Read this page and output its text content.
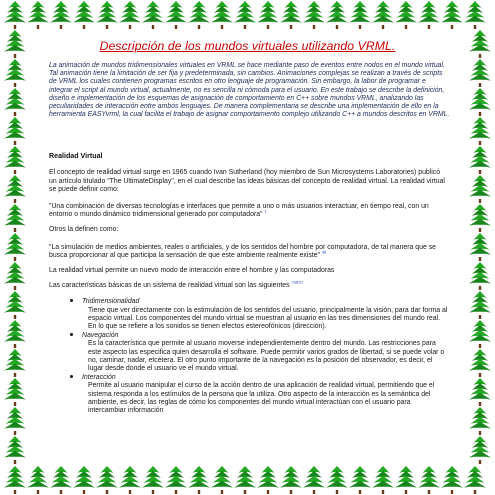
Descripción de los mundos virtuales utilizando VRML.

La animación de mundos tridimensionales virtuales en VRML se hace mediante paso de eventos entre nodos en el mundo virtual. Tal animación tiene la limitación de ser fija y predeterminada, sin cambios. Animaciones complejas se realizan a través de scripts de VRML los cuales contienen programas escritos en otro lenguaje de programación. Sin embargo, la labor de programar e integrar el script al mundo virtual, actualmente, no es sencilla ni cómoda para el usuario. En este trabajo se describe la definición, diseño e implementación de los esquemas de asignación de comportamiento en C++ sobre mundos VRML, analizando las peculiaridades de interacción entre ambos lenguajes. De manera complementaria se describe una implementación de ello en la herramienta EASYvrml, la cual facilita el trabajo de asignar comportamiento complejo utilizando C++ a mundos descritos en VRML.

Realidad Virtual

El concepto de realidad virtual surge en 1965 cuando Ivan Sutherland (hoy miembro de Sun Microsystems Laboratories) publicó un artículo titulado "The UltimateDisplay", en el cual describe las ideas básicas del concepto de realidad virtual. La realidad virtual se puede definir como:

"Una combinación de diversas tecnologías e interfaces que permite a uno o más usuarios interactuar, en tiempo real, con un entorno o mundo dinámico tridimensional generado por computadora" $^1$

Otros la definen como:

"La simulación de medios ambientes, reales o artificiales, y de los sentidos del hombre por computadora, de tal manera que se busca proporcionar al que participa la sensación de que este ambiente realmente existe" $^{36}$

La realidad virtual permite un nuevo modo de interacción entre el hombre y las computadoras

Las características básicas de un sistema de realidad virtual son las siguientes $^{7a810}$

Tridimensionalidad
Tiene que ver directamente con la estimulación de los sentidos del usuario, principalmente la visión, para dar forma al espacio virtual. Los componentes del mundo virtual se muestran al usuario en las tres dimensiones del mundo real. En lo que se refiere a los sonidos se tienen efectos estereofónicos (dirección).
Navegación
Es la característica que permite al usuario moverse independientemente dentro del mundo. Las restricciones para este aspecto las especifica quien desarrolla el software. Puede permitir varios grados de libertad, si se puede volar o no, caminar, nadar, etcétera. El otro punto importante de la navegación es la posición del observador, es decir, el lugar desde donde el usuario ve el mundo virtual.
Interacción
Permite al usuario manipular el curso de la acción dentro de una aplicación de realidad virtual, permitiendo que el sistema responda a los estímulos de la persona que la utiliza. Otro aspecto de la interacción es la semántica del ambiente, es decir, las reglas de cómo los componentes del mundo virtual interactúan con el usuario para intercambiar información
